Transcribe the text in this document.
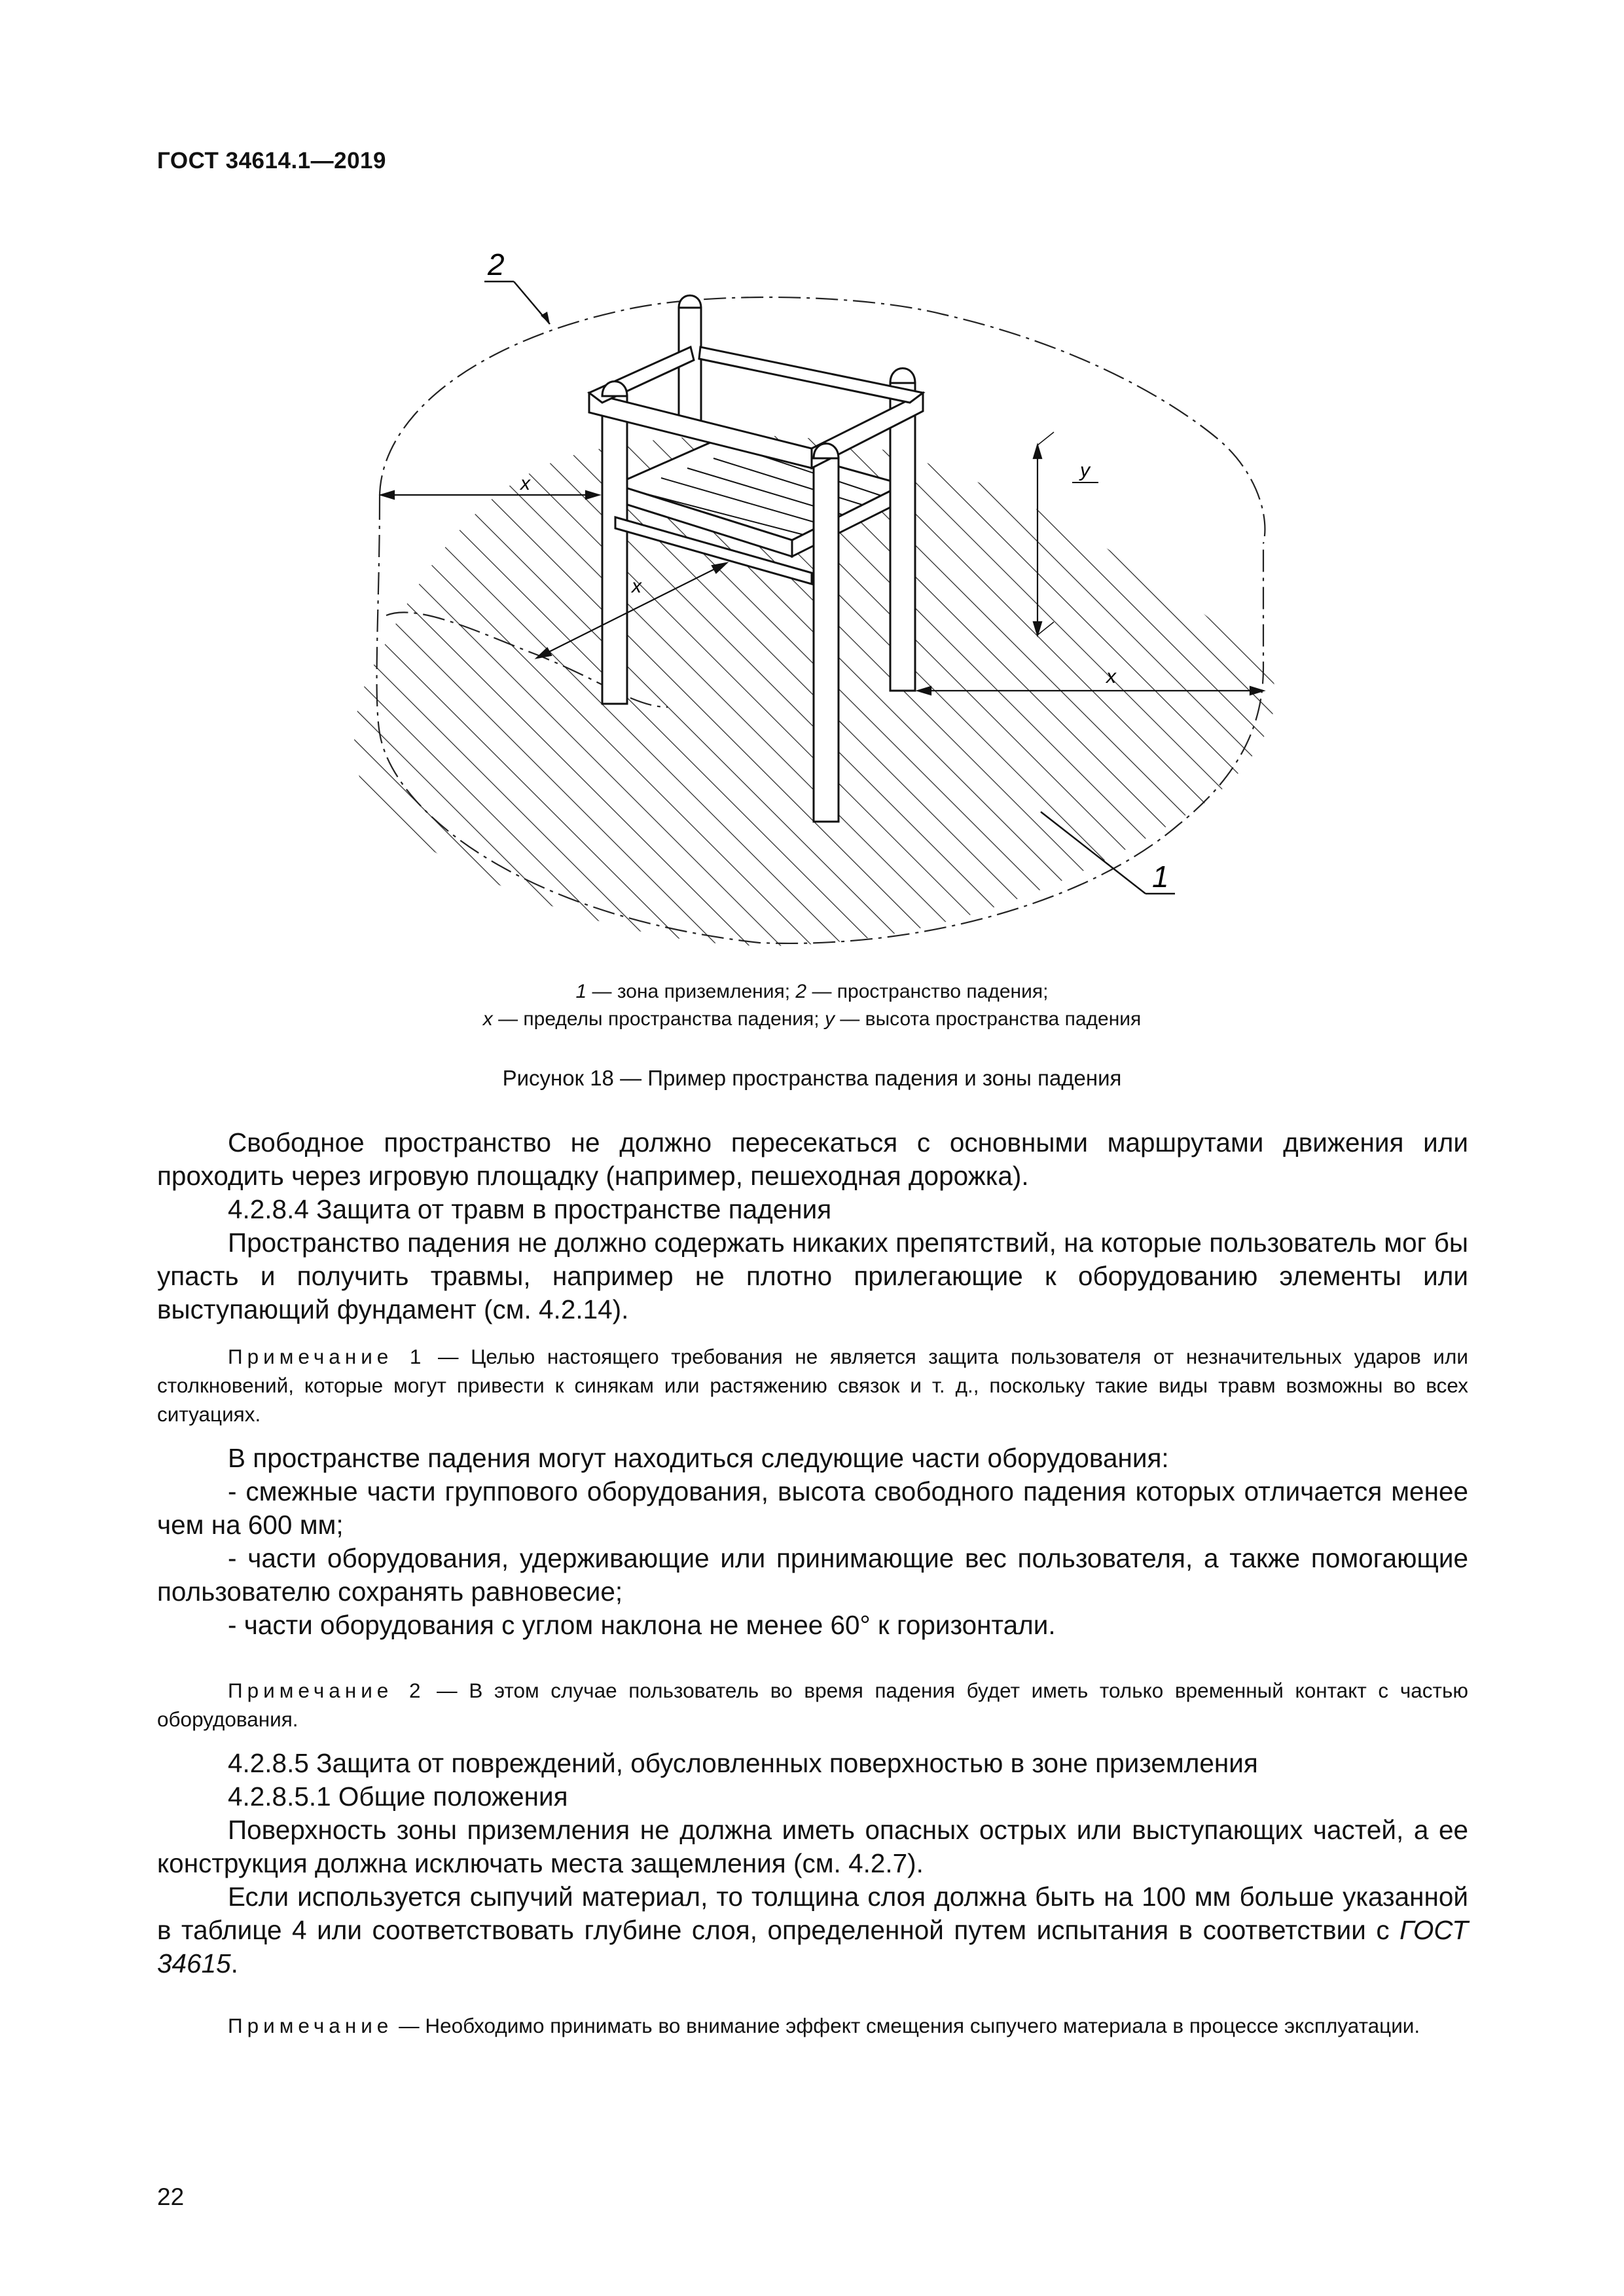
ГОСТ 34614.1—2019
2
1
x
x
x
y
1 — зона приземления; 2 — пространство падения;
x — пределы пространства падения; y — высота пространства падения
Рисунок 18 — Пример пространства падения и зоны падения
Свободное пространство не должно пересекаться с основными маршрутами движения или проходить через игровую площадку (например, пешеходная дорожка).
4.2.8.4 Защита от травм в пространстве падения
Пространство падения не должно содержать никаких препятствий, на которые пользователь мог бы упасть и получить травмы, например не плотно прилегающие к оборудованию элементы или выступающий фундамент (см. 4.2.14).
Примечание 1 — Целью настоящего требования не является защита пользователя от незначительных ударов или столкновений, которые могут привести к синякам или растяжению связок и т. д., поскольку такие виды травм возможны во всех ситуациях.
В пространстве падения могут находиться следующие части оборудования:
- смежные части группового оборудования, высота свободного падения которых отличается менее чем на 600 мм;
- части оборудования, удерживающие или принимающие вес пользователя, а также помогающие пользователю сохранять равновесие;
- части оборудования с углом наклона не менее 60° к горизонтали.
Примечание 2 — В этом случае пользователь во время падения будет иметь только временный контакт с частью оборудования.
4.2.8.5 Защита от повреждений, обусловленных поверхностью в зоне приземления
4.2.8.5.1 Общие положения
Поверхность зоны приземления не должна иметь опасных острых или выступающих частей, а ее конструкция должна исключать места защемления (см. 4.2.7).
Если используется сыпучий материал, то толщина слоя должна быть на 100 мм больше указанной в таблице 4 или соответствовать глубине слоя, определенной путем испытания в соответствии с ГОСТ 34615.
Примечание — Необходимо принимать во внимание эффект смещения сыпучего материала в процессе эксплуатации.
22
